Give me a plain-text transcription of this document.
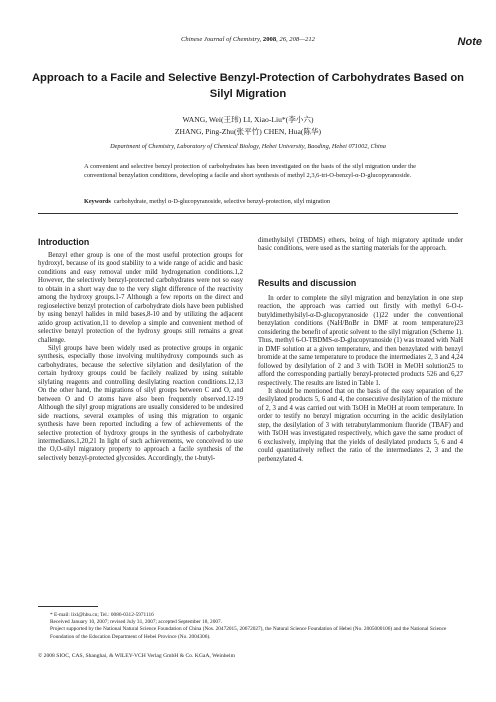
Chinese Journal of Chemistry, 2008, 26, 208—212	Note
Approach to a Facile and Selective Benzyl-Protection of Carbohydrates Based on Silyl Migration
WANG, Wei(王玮) LI, Xiao-Liu*(李小六)
ZHANG, Ping-Zhu(张平竹) CHEN, Hua(陈华)
Department of Chemistry, Laboratory of Chemical Biology, Hebei University, Baoding, Hebei 071002, China
A convenient and selective benzyl protection of carbohydrates has been investigated on the basis of the silyl migration under the conventional benzylation conditions, developing a facile and short synthesis of methyl 2,3,6-tri-O-benzyl-α-D-glucopyranoside.
Keywords carbohydrate, methyl α-D-glucopyranoside, selective benzyl-protection, silyl migration
Introduction

Benzyl ether group is one of the most useful protection groups for hydroxyl, because of its good stability to a wide range of acidic and basic conditions and easy removal under mild hydrogenation conditions.1,2 However, the selectively benzyl-protected carbohydrates were not so easy to obtain in a short way due to the very slight difference of the reactivity among the hydroxy groups.1-7 Although a few reports on the direct and regioselective benzyl protection of carbohydrate diols have been published by using benzyl halides in mild bases,8-10 and by utilizing the adjacent azido group activation,11 to develop a simple and convenient method of selective benzyl protection of the hydroxy groups still remains a great challenge.

Silyl groups have been widely used as protective groups in organic synthesis, especially those involving multihydroxy compounds such as carbohydrates, because the selective silylation and desilylation of the certain hydroxy groups could be facilely realized by using suitable silylating reagents and controlling desilylating reaction conditions.12,13 On the other hand, the migrations of silyl groups between C and O, and between O and O atoms have also been frequently observed.12-19 Although the silyl group migrations are usually considered to be undesired side reactions, several examples of using this migration to organic synthesis have been reported including a few of achievements of the selective protection of hydroxy groups in the synthesis of carbohydrate intermediates.1,20,21 In light of such achievements, we conceived to use the O,O-silyl migratory property to approach a facile synthesis of the selectively benzyl-protected glycosides. Accordingly, the t-butyl-

dimethylsilyl (TBDMS) ethers, being of high migratory aptitude under basic conditions, were used as the starting materials for the approach.

Results and discussion

In order to complete the silyl migration and benzylation in one step reaction, the approach was carried out firstly with methyl 6-O-t-butyldimethylsilyl-α-D-glucopyranoside (1)22 under the conventional benzylation conditions (NaH/BnBr in DMF at room temperature)23 considering the benefit of aprotic solvent to the silyl migration (Scheme 1). Thus, methyl 6-O-TBDMS-α-D-glucopyranoside (1) was treated with NaH in DMF solution at a given temperature, and then benzylated with benzyl bromide at the same temperature to produce the intermediates 2, 3 and 4,24 followed by desilylation of 2 and 3 with TsOH in MeOH solution25 to afford the corresponding partially benzyl-protected products 526 and 6,27 respectively. The results are listed in Table 1.

It should be mentioned that on the basis of the easy separation of the desilylated products 5, 6 and 4, the consecutive desilylation of the mixture of 2, 3 and 4 was carried out with TsOH in MeOH at room temperature. In order to testify no benzyl migration occurring in the acidic desilylation step, the desilylation of 3 with tetrabutylammonium fluoride (TBAF) and with TsOH was investigated respectively, which gave the same product of 6 exclusively, implying that the yields of desilylated products 5, 6 and 4 could quantitatively reflect the ratio of the intermediates 2, 3 and the perbenzylated 4.

* E-mail: lixl@hbu.cn; Tel.: 0086-0312-5971116
Received January 10, 2007; revised July 31, 2007; accepted September 18, 2007.
Project supported by the National Natural Science Foundation of China (Nos. 20472015, 20672027), the Natural Science Foundation of Hebei (No. 2005000106) and the National Science Foundation of the Education Department of Hebei Province (No. 2004306).
© 2008 SIOC, CAS, Shanghai, & WILEY-VCH Verlag GmbH & Co. KGaA, Weinheim
